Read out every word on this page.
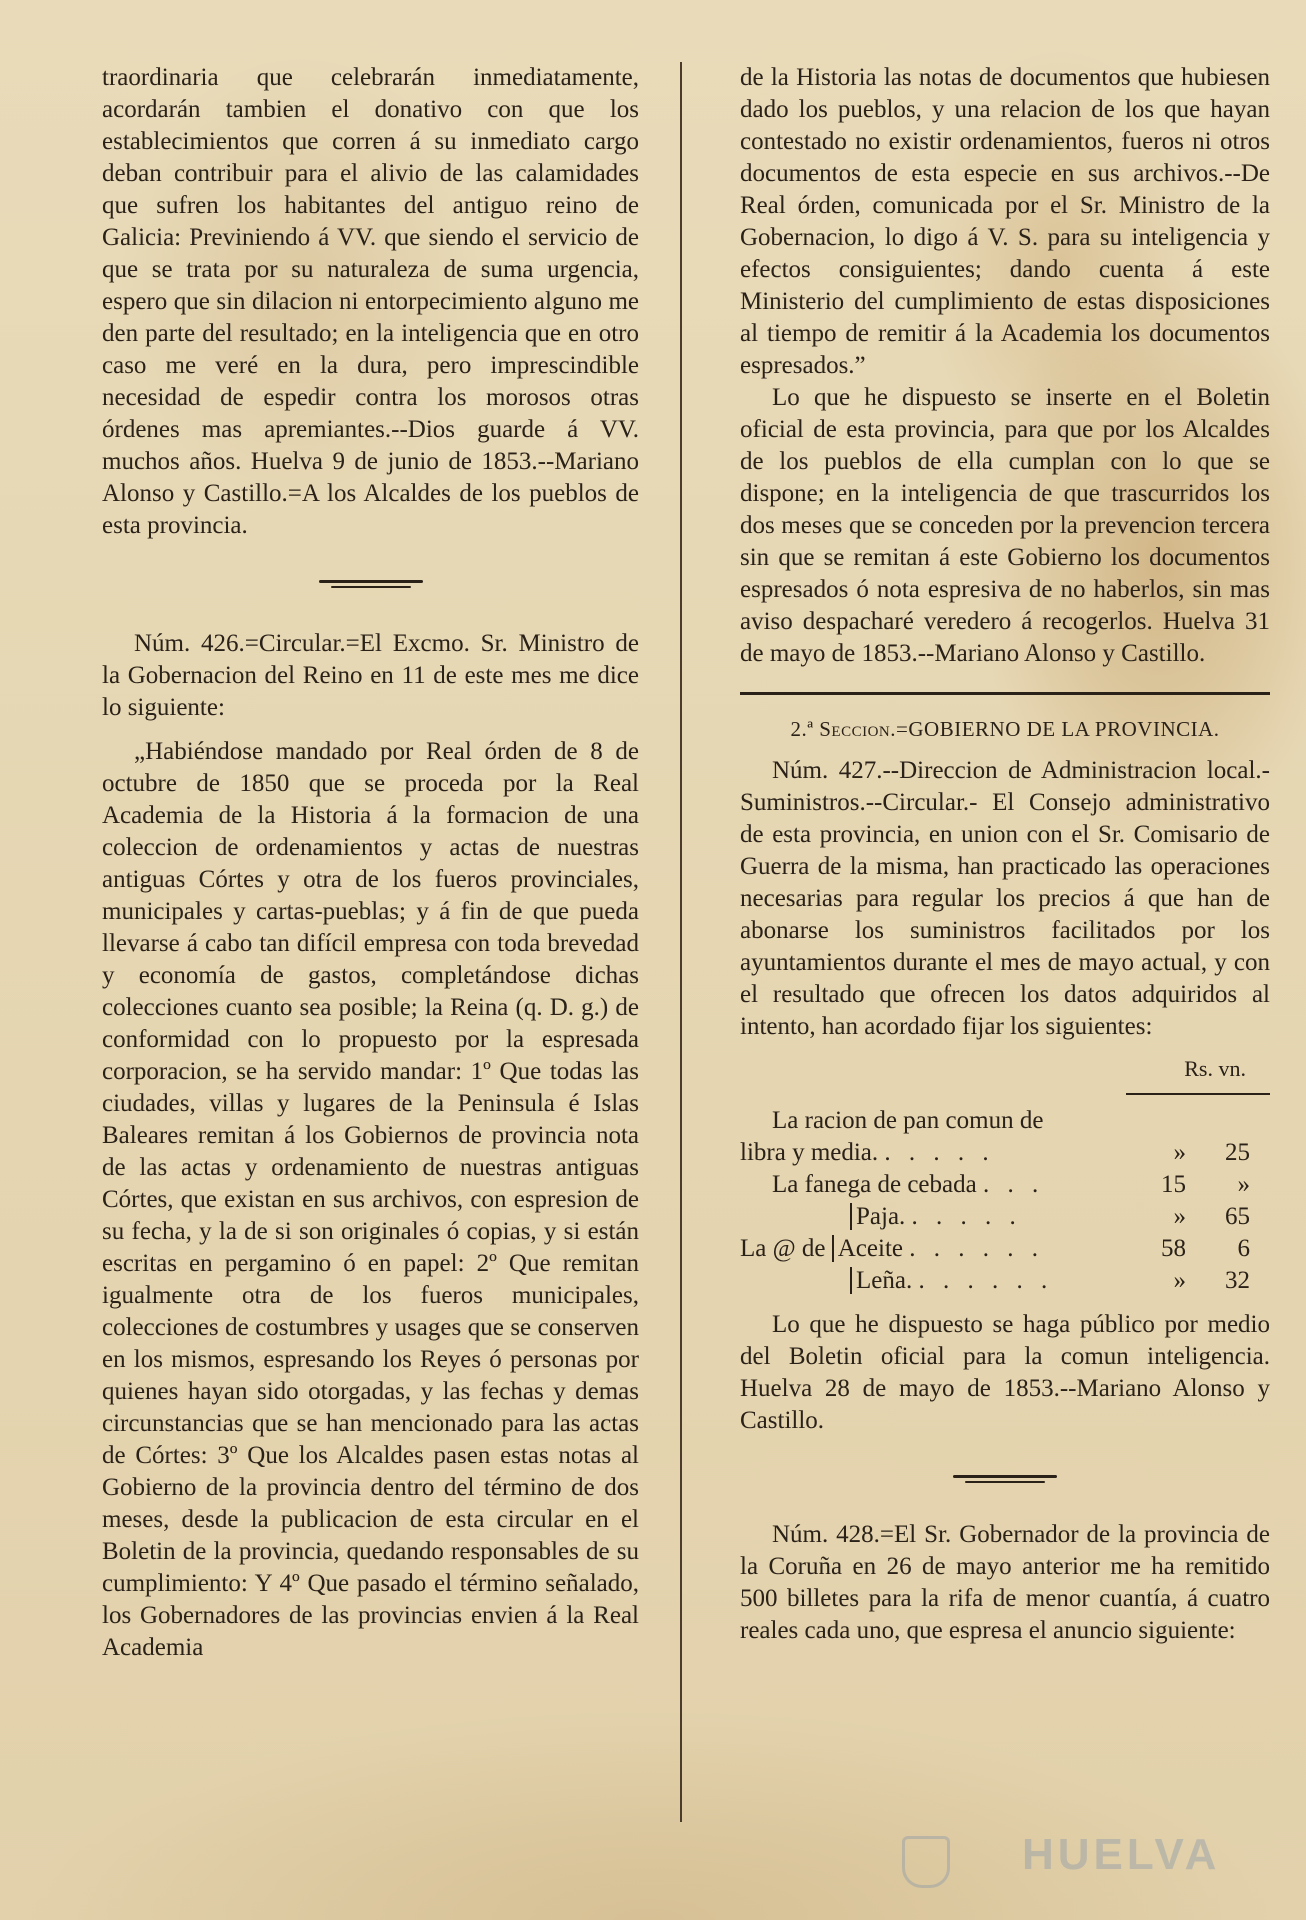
traordinaria que celebrarán inmediatamente, acordarán tambien el donativo con que los establecimientos que corren á su inmediato cargo deban contribuir para el alivio de las calamidades que sufren los habitantes del antiguo reino de Galicia: Previniendo á VV. que siendo el servicio de que se trata por su naturaleza de suma urgencia, espero que sin dilacion ni entorpecimiento alguno me den parte del resultado; en la inteligencia que en otro caso me veré en la dura, pero imprescindible necesidad de espedir contra los morosos otras órdenes mas apremiantes.--Dios guarde á VV. muchos años. Huelva 9 de junio de 1853.--Mariano Alonso y Castillo.=A los Alcaldes de los pueblos de esta provincia.

Núm. 426.=Circular.=El Excmo. Sr. Ministro de la Gobernacion del Reino en 11 de este mes me dice lo siguiente:

„Habiéndose mandado por Real órden de 8 de octubre de 1850 que se proceda por la Real Academia de la Historia á la formacion de una coleccion de ordenamientos y actas de nuestras antiguas Córtes y otra de los fueros provinciales, municipales y cartas-pueblas; y á fin de que pueda llevarse á cabo tan difícil empresa con toda brevedad y economía de gastos, completándose dichas colecciones cuanto sea posible; la Reina (q. D. g.) de conformidad con lo propuesto por la espresada corporacion, se ha servido mandar: 1º Que todas las ciudades, villas y lugares de la Peninsula é Islas Baleares remitan á los Gobiernos de provincia nota de las actas y ordenamiento de nuestras antiguas Córtes, que existan en sus archivos, con espresion de su fecha, y la de si son originales ó copias, y si están escritas en pergamino ó en papel: 2º Que remitan igualmente otra de los fueros municipales, colecciones de costumbres y usages que se conserven en los mismos, espresando los Reyes ó personas por quienes hayan sido otorgadas, y las fechas y demas circunstancias que se han mencionado para las actas de Córtes: 3º Que los Alcaldes pasen estas notas al Gobierno de la provincia dentro del término de dos meses, desde la publicacion de esta circular en el Boletin de la provincia, quedando responsables de su cumplimiento: Y 4º Que pasado el término señalado, los Gobernadores de las provincias envien á la Real Academia

de la Historia las notas de documentos que hubiesen dado los pueblos, y una relacion de los que hayan contestado no existir ordenamientos, fueros ni otros documentos de esta especie en sus archivos.--De Real órden, comunicada por el Sr. Ministro de la Gobernacion, lo digo á V. S. para su inteligencia y efectos consiguientes; dando cuenta á este Ministerio del cumplimiento de estas disposiciones al tiempo de remitir á la Academia los documentos espresados.”

Lo que he dispuesto se inserte en el Boletin oficial de esta provincia, para que por los Alcaldes de los pueblos de ella cumplan con lo que se dispone; en la inteligencia de que trascurridos los dos meses que se conceden por la prevencion tercera sin que se remitan á este Gobierno los documentos espresados ó nota espresiva de no haberlos, sin mas aviso despacharé veredero á recogerlos. Huelva 31 de mayo de 1853.--Mariano Alonso y Castillo.

2.ª Seccion.=GOBIERNO DE LA PROVINCIA.

Núm. 427.--Direccion de Administracion local.-Suministros.--Circular.- El Consejo administrativo de esta provincia, en union con el Sr. Comisario de Guerra de la misma, han practicado las operaciones necesarias para regular los precios á que han de abonarse los suministros facilitados por los ayuntamientos durante el mes de mayo actual, y con el resultado que ofrecen los datos adquiridos al intento, han acordado fijar los siguientes:

Rs. vn.
La racion de pan comun de		
libra y media. . . . . .	»	25
La fanega de cebada . . .	15	»
Paja. . . . . .	»	65
La @ de Aceite . . . . . .	58	6
Leña. . . . . . .	»	32

Lo que he dispuesto se haga público por medio del Boletin oficial para la comun inteligencia. Huelva 28 de mayo de 1853.--Mariano Alonso y Castillo.

Núm. 428.=El Sr. Gobernador de la provincia de la Coruña en 26 de mayo anterior me ha remitido 500 billetes para la rifa de menor cuantía, á cuatro reales cada uno, que espresa el anuncio siguiente:

HUELVA
